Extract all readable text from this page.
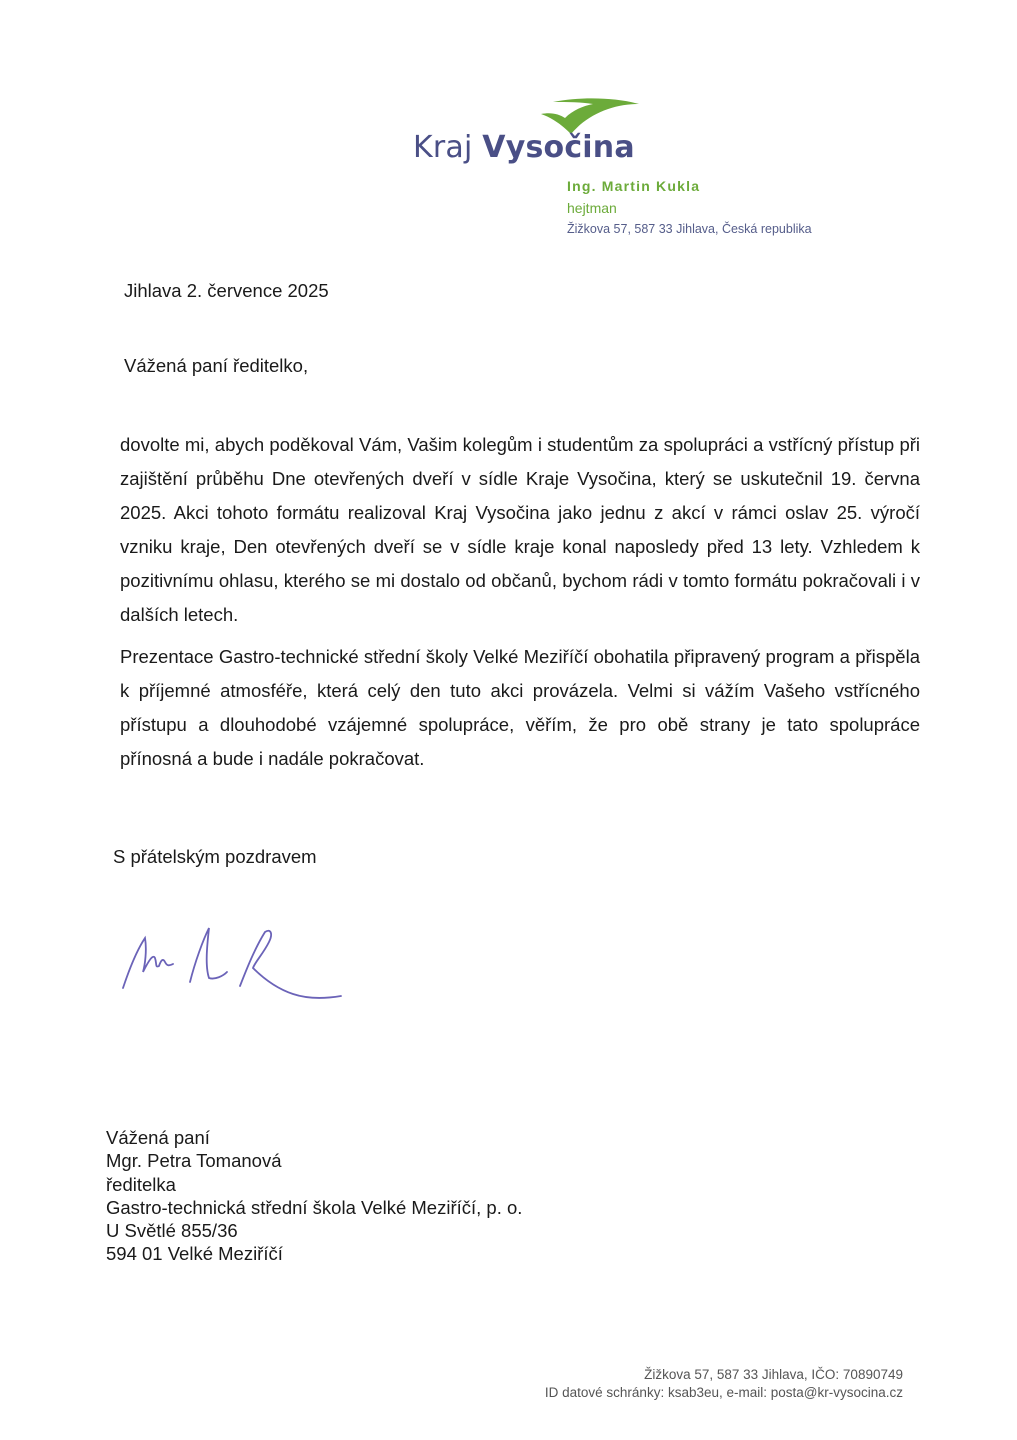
Kraj Vysočina
Ing. Martin Kukla
hejtman
Žižkova 57, 587 33 Jihlava, Česká republika
Jihlava 2. července 2025
Vážená paní ředitelko,

dovolte mi, abych poděkoval Vám, Vašim kolegům i studentům za spolupráci a vstřícný přístup při zajištění průběhu Dne otevřených dveří v sídle Kraje Vysočina, který se uskutečnil 19. června 2025. Akci tohoto formátu realizoval Kraj Vysočina jako jednu z akcí v rámci oslav 25. výročí vzniku kraje, Den otevřených dveří se v sídle kraje konal naposledy před 13 lety. Vzhledem k pozitivnímu ohlasu, kterého se mi dostalo od občanů, bychom rádi v tomto formátu pokračovali i v dalších letech.

Prezentace Gastro-technické střední školy Velké Meziříčí obohatila připravený program a přispěla k příjemné atmosféře, která celý den tuto akci provázela. Velmi si vážím Vašeho vstřícného přístupu a dlouhodobé vzájemné spolupráce, věřím, že pro obě strany je tato spolupráce přínosná a bude i nadále pokračovat.

S přátelským pozdravem
Vážená paní
Mgr. Petra Tomanová
ředitelka
Gastro-technická střední škola Velké Meziříčí, p. o.
U Světlé 855/36
594 01 Velké Meziříčí
Žižkova 57, 587 33 Jihlava, IČO: 70890749
ID datové schránky: ksab3eu, e-mail: posta@kr-vysocina.cz
